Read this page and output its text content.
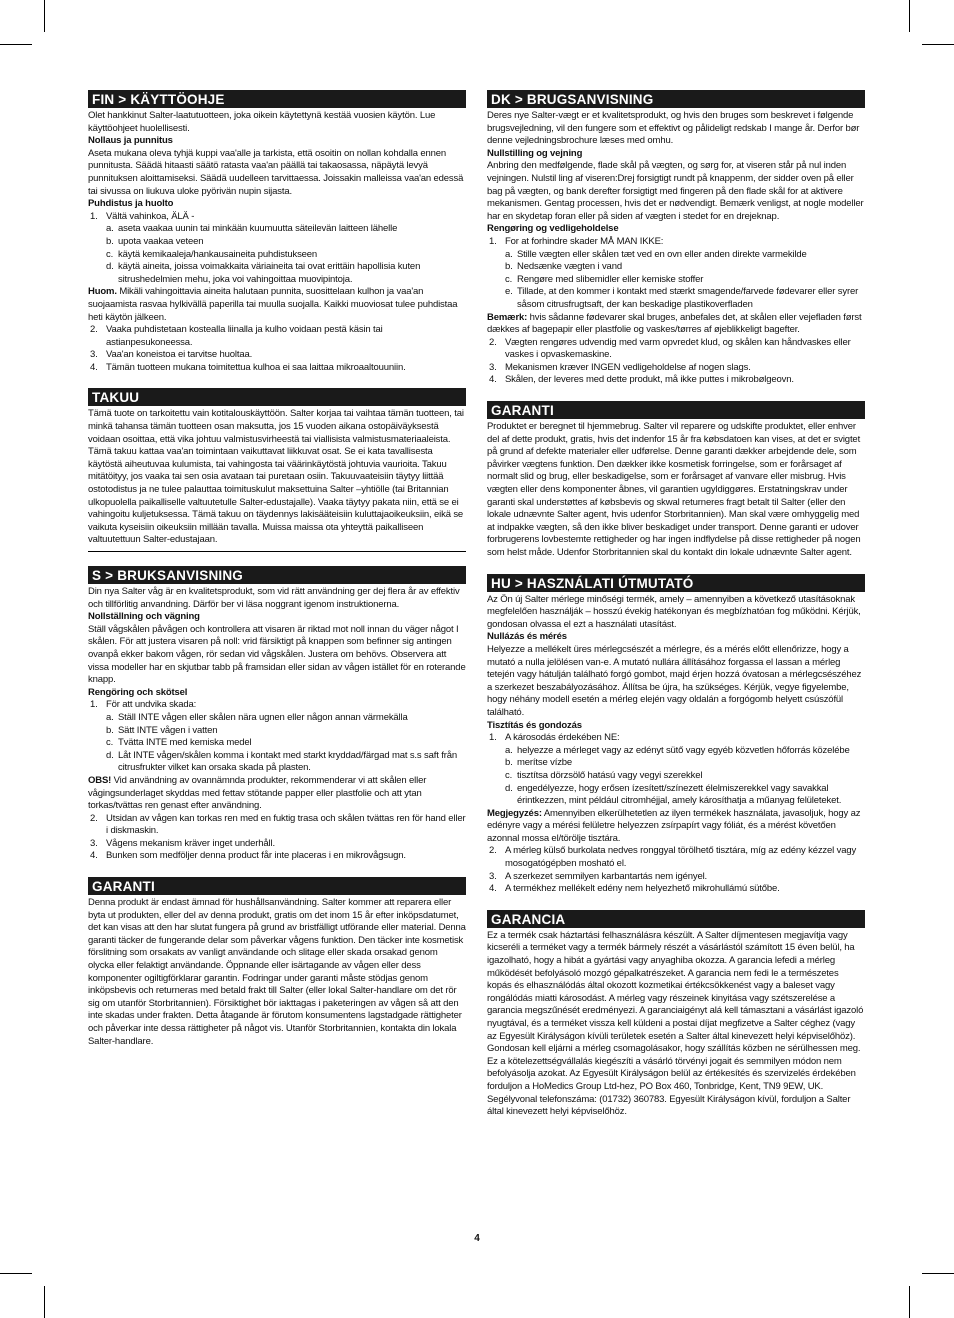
FIN > KÄYTTÖOHJE

Olet hankkinut Salter-laatutuotteen, joka oikein käytettynä kestää vuosien käytön. Lue käyttöohjeet huolellisesti.

Nollaus ja punnitus

Aseta mukana oleva tyhjä kuppi vaa'alle ja tarkista, että osoitin on nollan kohdalla ennen punnitusta. Säädä hitaasti säätö ratasta vaa'an päällä tai takaosassa, näpäytä levyä punnituksen aloittamiseksi. Säädä uudelleen tarvittaessa. Joissakin malleissa vaa'an edessä tai sivussa on liukuva uloke pyörivän nupin sijasta.

Puhdistus ja huolto

1. Vältä vahinkoa, ÄLÄ -
a. aseta vaakaa uunin tai minkään kuumuutta säteilevän laitteen lähelle
b. upota vaakaa veteen
c. käytä kemikaaleja/hankausaineita puhdistukseen
d. käytä aineita, joissa voimakkaita väriaineita tai ovat erittäin hapollisia kuten sitrushedelmien mehu, joka voi vahingoittaa muovipintoja.

Huom. Mikäli vahingoittavia aineita halutaan punnita, suosittelaan kulhon ja vaa'an suojaamista rasvaa hylkivällä paperilla tai muulla suojalla. Kaikki muoviosat tulee puhdistaa heti käytön jälkeen.

2. Vaaka puhdistetaan kostealla liinalla ja kulho voidaan pestä käsin tai astianpesukoneessa.
3. Vaa'an koneistoa ei tarvitse huoltaa.
4. Tämän tuotteen mukana toimitettua kulhoa ei saa laittaa mikroaaltouuniin.
TAKUU

Tämä tuote on tarkoitettu vain kotitalouskäyttöön. Salter korjaa tai vaihtaa tämän tuotteen, tai minkä tahansa tämän tuotteen osan maksutta, jos 15 vuoden aikana ostopäiväyksestä voidaan osoittaa, että vika johtuu valmistusvirheestä tai viallisista valmistusmateriaaleista. Tämä takuu kattaa vaa'an toimintaan vaikuttavat liikkuvat osat. Se ei kata tavallisesta käytöstä aiheutuvaa kulumista, tai vahingosta tai väärinkäytöstä johtuvia vaurioita. Takuu mitätöityy, jos vaaka tai sen osia avataan tai puretaan osiin. Takuuvaateisiin täytyy liittää ostotodistus ja ne tulee palauttaa toimituskulut maksettuina Salter –yhtiölle (tai Britannian ulkopuolella paikalliselle valtuutetulle Salter-edustajalle). Vaaka täytyy pakata niin, että se ei vahingoitu kuljetuksessa. Tämä takuu on täydennys lakisääteisiin kuluttajaoikeuksiin, eikä se vaikuta kyseisiin oikeuksiin millään tavalla. Muissa maissa ota yhteyttä paikalliseen valtuutettuun Salter-edustajaan.

S > BRUKSANVISNING

Din nya Salter våg är en kvalitetsprodukt, som vid rätt användning ger dej flera år av effektiv och tillförlitig anvandning. Därför ber vi läsa noggrant igenom instruktionerna.

Nollställning och vägning

Ställ vågskålen påvågen och kontrollera att visaren är riktad mot noll innan du väger något I skålen. För att justera visaren på noll: vrid färsiktigt på knappen som befinner sig antingen ovanpå ekker bakom vågen, rör sedan vid vågskålen. Justera om behövs. Observera att vissa modeller har en skjutbar tabb på framsidan eller sidan av vågen istället för en roterande knapp.

Rengöring och skötsel

1. För att undvika skada:
a. Ställ INTE vågen eller skålen nära ugnen eller någon annan värmekälla
b. Sätt INTE vågen i vatten
c. Tvätta INTE med kemiska medel
d. Låt INTE vågen/skålen komma i kontakt med starkt kryddad/färgad mat s.s saft från citrusfrukter vilket kan orsaka skada på plasten.

OBS! Vid användning av ovannämnda produkter, rekommenderar vi att skålen eller vågingsunderlaget skyddas med fettav stötande papper eller plastfolie och att ytan torkas/tvättas ren genast efter användning.

2. Utsidan av vågen kan torkas ren med en fuktig trasa och skålen tvättas ren för hand eller i diskmaskin.
3. Vågens mekanism kräver inget underhåll.
4. Bunken som medföljer denna product får inte placeras i en mikrovågsugn.
GARANTI

Denna produkt är endast ämnad för hushållsanvändning. Salter kommer att reparera eller byta ut produkten, eller del av denna produkt, gratis om det inom 15 år efter inköpsdatumet, det kan visas att den har slutat fungera på grund av bristfälligt utförande eller material. Denna garanti täcker de fungerande delar som påverkar vågens funktion. Den täcker inte kosmetisk förslitning som orsakats av vanligt användande och slitage eller skada orsakad genom olycka eller felaktigt användande. Öppnande eller isärtagande av vågen eller dess komponenter ogiltigförklarar garantin. Fodringar under garanti måste stödjas genom inköpsbevis och returneras med betald frakt till Salter (eller lokal Salter-handlare om det rör sig om utanför Storbritannien). Försiktighet bör iakttagas i paketeringen av vågen så att den inte skadas under frakten. Detta åtagande är förutom konsumentens lagstadgade rättigheter och påverkar inte dessa rättigheter på något vis. Utanför Storbritannien, kontakta din lokala Salter-handlare.

DK > BRUGSANVISNING

Deres nye Salter-vægt er et kvalitetsprodukt, og hvis den bruges som beskrevet i følgende brugsvejledning, vil den fungere som et effektivt og pålideligt redskab I mange år. Derfor bør denne vejledningsbrochure læses med omhu.

Nullstilling og vejning

Anbring den medfølgende, flade skål på vægten, og sørg for, at viseren står på nul inden vejningen. Nulstil ling af viseren:Drej forsigtigt rundt på knappenm, der sidder oven på eller bag på vægten, og bank derefter forsigtigt med fingeren på den flade skål for at aktivere mekanismen. Gentag processen, hvis det er nødvendigt. Bemærk venligst, at nogle modeller har en skydetap foran eller på siden af vægten i stedet for en drejeknap.

Rengøring og vedligeholdelse

1. For at forhindre skader MÅ MAN IKKE:
a. Stille vægten eller skålen tæt ved en ovn eller anden direkte varmekilde
b. Nedsænke vægten i vand
c. Rengøre med slibemidler eller kemiske stoffer
e. Tillade, at den kommer i kontakt med stærkt smagende/farvede fødevarer eller syrer såsom citrusfrugtsaft, der kan beskadige plastikoverfladen

Bemærk: hvis sådanne fødevarer skal bruges, anbefales det, at skålen eller vejefladen først dækkes af bagepapir eller plastfolie og vaskes/tørres af øjeblikkeligt bagefter.

2. Vægten rengøres udvendig med varm opvredet klud, og skålen kan håndvaskes eller vaskes i opvaskemaskine.
3. Mekanismen kræver INGEN vedligeholdelse af nogen slags.
4. Skålen, der leveres med dette produkt, må ikke puttes i mikrobølgeovn.
GARANTI

Produktet er beregnet til hjemmebrug. Salter vil reparere og udskifte produktet, eller enhver del af dette produkt, gratis, hvis det indenfor 15 år fra købsdatoen kan vises, at det er svigtet på grund af defekte materialer eller udførelse. Denne garanti dækker arbejdende dele, som påvirker vægtens funktion. Den dækker ikke kosmetisk forringelse, som er forårsaget af normalt slid og brug, eller beskadigelse, som er forårsaget af vanvare eller misbrug. Hvis vægten eller dens komponenter åbnes, vil garantien ugyldiggøres. Erstatningskrav under garanti skal understøttes af købsbevis og skwal returneres fragt betalt til Salter (eller den lokale udnævnte Salter agent, hvis udenfor Storbritannien). Man skal være omhyggelig med at indpakke vægten, så den ikke bliver beskadiget under transport. Denne garanti er udover forbrugerens lovbestemte rettigheder og har ingen indflydelse på disse rettigheder på nogen som helst måde. Udenfor Storbritannien skal du kontakt din lokale udnævnte Salter agent.

HU > HASZNÁLATI ÚTMUTATÓ

Az Ön új Salter mérlege minőségi termék, amely – amennyiben a következő utasításoknak megfelelően használják – hosszú évekig hatékonyan és megbízhatóan fog működni. Kérjük, gondosan olvassa el ezt a használati utasítást.

Nullázás és mérés

Helyezze a mellékelt üres mérlegcsészét a mérlegre, és a mérés előtt ellenőrizze, hogy a mutató a nulla jelölésen van-e. A mutató nullára állításához forgassa el lassan a mérleg tetején vagy hátulján található forgó gombot, majd érjen hozzá óvatosan a mérlegcsészéhez a szerkezet beszabályozásához. Állítsa be újra, ha szükséges. Kérjük, vegye figyelembe, hogy néhány modell esetén a mérleg elején vagy oldalán a forgógomb helyett csúszófül található.

Tisztítás és gondozás

1. A károsodás érdekében NE:
a. helyezze a mérleget vagy az edényt sütő vagy egyéb közvetlen hőforrás közelébe
b. merítse vízbe
c. tisztítsa dörzsölő hatású vagy vegyi szerekkel
d. engedélyezze, hogy erősen ízesített/színezett élelmiszerekkel vagy savakkal érintkezzen, mint például citromhéjjal, amely károsíthatja a műanyag felületeket.

Megjegyzés: Amennyiben elkerülhetetlen az ilyen termékek használata, javasoljuk, hogy az edényre vagy a mérési felületre helyezzen zsírpapírt vagy fóliát, és a mérést követően azonnal mossa el/törölje tisztára.

2. A mérleg külső burkolata nedves ronggyal törölhető tisztára, míg az edény kézzel vagy mosogatógépben mosható el.
3. A szerkezet semmilyen karbantartás nem igényel.
4. A termékhez mellékelt edény nem helyezhető mikrohullámú sütőbe.
GARANCIA

Ez a termék csak háztartási felhasználásra készült. A Salter díjmentesen megjavítja vagy kicseréli a terméket vagy a termék bármely részét a vásárlástól számított 15 éven belül, ha igazolható, hogy a hibát a gyártási vagy anyaghiba okozza. A garancia lefedi a mérleg működését befolyásoló mozgó gépalkatrészeket. A garancia nem fedi le a természetes kopás és elhasználódás által okozott kozmetikai értékcsökkenést vagy a baleset vagy rongálódás miatti károsodást. A mérleg vagy részeinek kinyitása vagy szétszerelése a garancia megszűnését eredményezi. A garanciaigényt alá kell támasztani a vásárlást igazoló nyugtával, és a terméket vissza kell küldeni a postai díjat megfizetve a Salter céghez (vagy az Egyesült Királyságon kívüli területek esetén a Salter által kinevezett helyi képviselőhöz). Gondosan kell eljárni a mérleg csomagolásakor, hogy szállítás közben ne sérülhessen meg. Ez a kötelezettségvállalás kiegészíti a vásárló törvényi jogait és semmilyen módon nem befolyásolja azokat. Az Egyesült Királyságon belül az értékesítés és szervizelés érdekében forduljon a HoMedics Group Ltd-hez, PO Box 460, Tonbridge, Kent, TN9 9EW, UK. Segélyvonal telefonszáma: (01732) 360783. Egyesült Királyságon kívül, forduljon a Salter által kinevezett helyi képviselőhöz.

4
